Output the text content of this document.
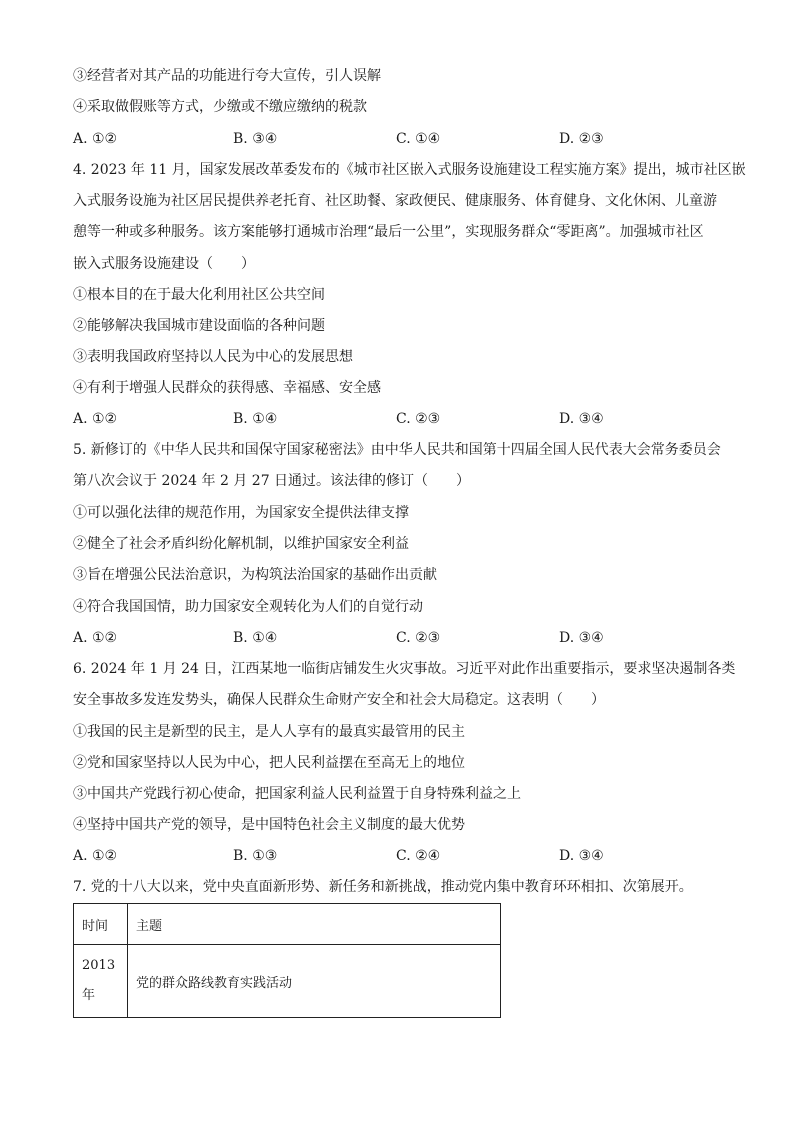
③经营者对其产品的功能进行夸大宣传，引人误解
④采取做假账等方式，少缴或不缴应缴纳的税款
A. ①②	B. ③④	C. ①④	D. ②③
4. 2023 年 11 月，国家发展改革委发布的《城市社区嵌入式服务设施建设工程实施方案》提出，城市社区嵌
入式服务设施为社区居民提供养老托育、社区助餐、家政便民、健康服务、体育健身、文化休闲、儿童游
憩等一种或多种服务。该方案能够打通城市治理“最后一公里”，实现服务群众“零距离”。加强城市社区
嵌入式服务设施建设（　　）
①根本目的在于最大化利用社区公共空间
②能够解决我国城市建设面临的各种问题
③表明我国政府坚持以人民为中心的发展思想
④有利于增强人民群众的获得感、幸福感、安全感
A. ①②	B. ①④	C. ②③	D. ③④
5. 新修订的《中华人民共和国保守国家秘密法》由中华人民共和国第十四届全国人民代表大会常务委员会
第八次会议于 2024 年 2 月 27 日通过。该法律的修订（　　）
①可以强化法律的规范作用，为国家安全提供法律支撑
②健全了社会矛盾纠纷化解机制，以维护国家安全利益
③旨在增强公民法治意识，为构筑法治国家的基础作出贡献
④符合我国国情，助力国家安全观转化为人们的自觉行动
A. ①②	B. ①④	C. ②③	D. ③④
6. 2024 年 1 月 24 日，江西某地一临街店铺发生火灾事故。习近平对此作出重要指示，要求坚决遏制各类
安全事故多发连发势头，确保人民群众生命财产安全和社会大局稳定。这表明（　　）
①我国的民主是新型的民主，是人人享有的最真实最管用的民主
②党和国家坚持以人民为中心，把人民利益摆在至高无上的地位
③中国共产党践行初心使命，把国家利益人民利益置于自身特殊利益之上
④坚持中国共产党的领导，是中国特色社会主义制度的最大优势
A. ①②	B. ①③	C. ②④	D. ③④
7. 党的十八大以来，党中央直面新形势、新任务和新挑战，推动党内集中教育环环相扣、次第展开。
时间	主题

2013
年	党的群众路线教育实践活动
